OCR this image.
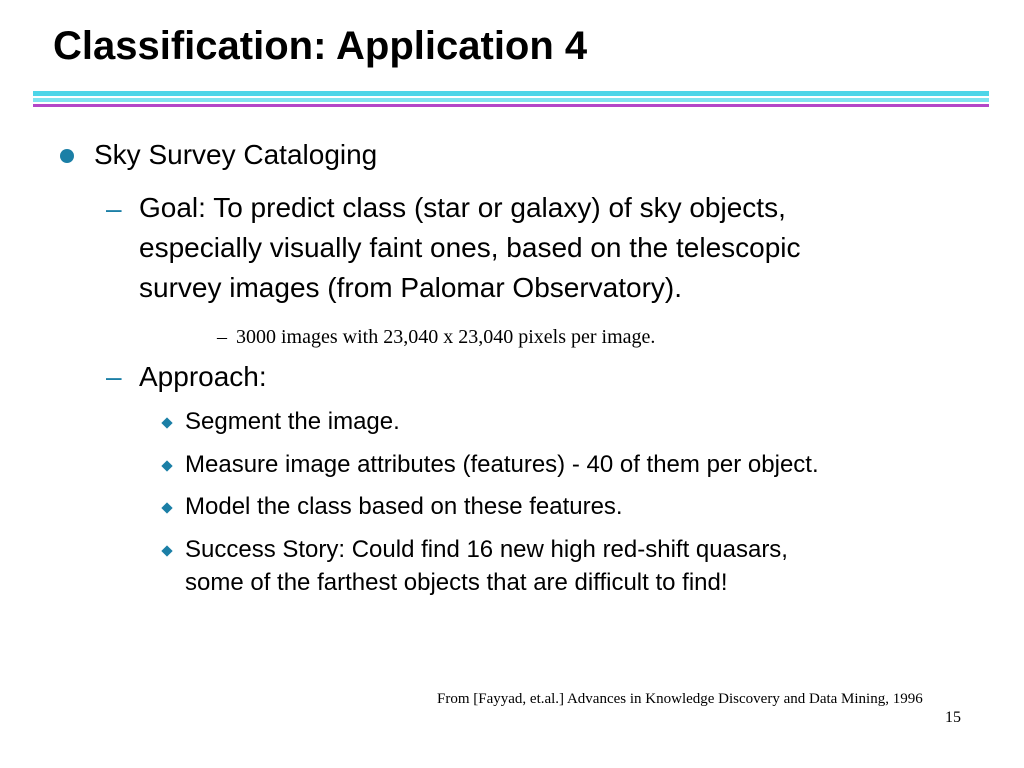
Classification: Application 4
Sky Survey Cataloging
– Goal: To predict class (star or galaxy) of sky objects,
especially visually faint ones, based on the telescopic
survey images (from Palomar Observatory).
– 3000 images with 23,040 x 23,040 pixels per image.
– Approach:
Segment the image.
Measure image attributes (features) - 40 of them per object.
Model the class based on these features.
Success Story: Could find 16 new high red-shift quasars,
some of the farthest objects that are difficult to find!
From [Fayyad, et.al.] Advances in Knowledge Discovery and Data Mining, 1996
15
